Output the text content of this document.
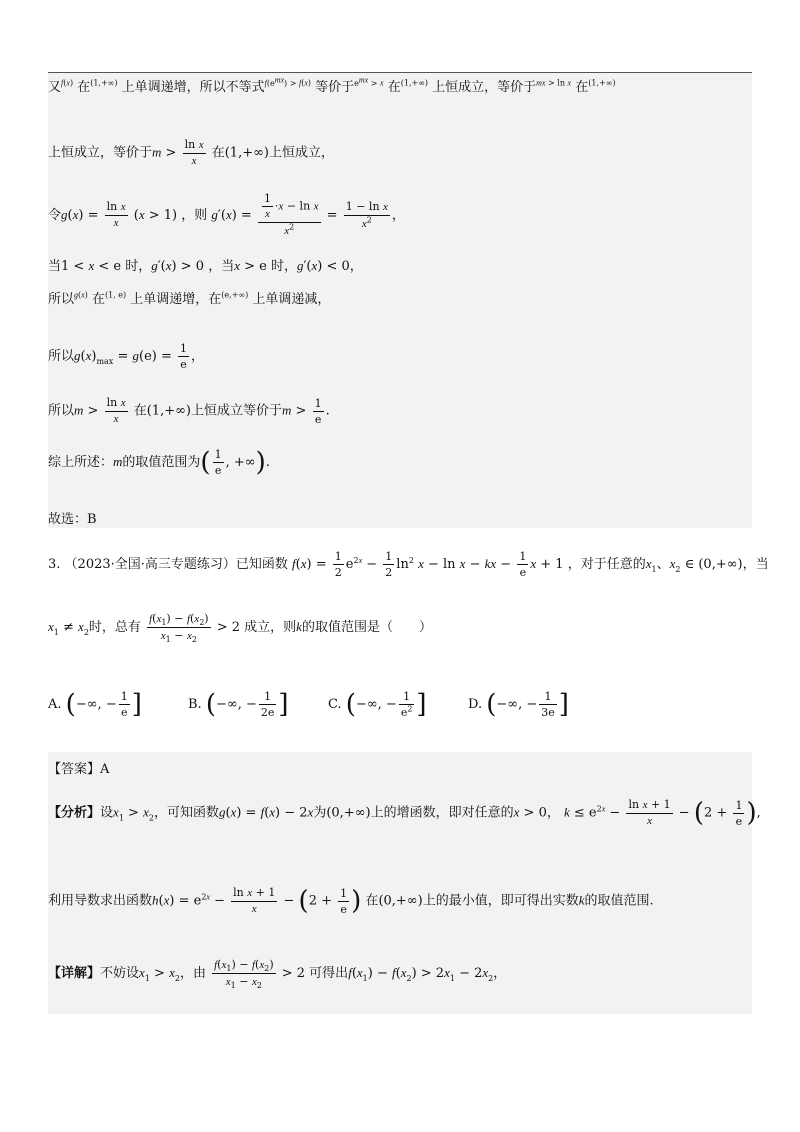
又$^{f(x)}$ 在$^{(1,+\infty)}$ 上单调递增，所以不等式$^{f(e^{mx}) >}$ $^{f(x)}$ 等价于$^{e^{mx} >}$ $^x$ 在$^{(1,+\infty)}$ 上恒成立，等价于$^{mx}$ $^{> ln}$ $^x$ 在$^{(1,+\infty)}$
上恒成立，等价于$m > \frac{\text{ln x}}{x}$ 在(1,+∞)上恒成立，
令$g(x) = \frac{\text{ln x}}{x} (x > 1)$ ，则 $g'(x) = \frac{\frac{1}{x} \cdot x - \ln x}{x^2} = \frac{\text{1 − ln x}}{x^2}$ ，
当1 < x < e 时，g′(x) > 0 ，当x > e 时，g′(x) < 0，
所以$^{g(x)}$ 在$^{(1, e)}$ 上单调递增，在$^{(e,+\infty)}$ 上单调递减，
所以$g(x)_{max} = g(e) = \frac{1}{e}$ ，
所以$m > \frac{\text{ln x}}{x}$ 在(1,+∞)上恒成立等价于$m > \frac{1}{e}$ .
综上所述：m的取值范围为( $\frac{1}{e}$ , +∞).
故选：B
3. （2023·全国·高三专题练习）已知函数 $f(x) = \frac{1}{2} e^{2x} - \frac{1}{2} \ln^2 x - \ln x$ − kx − $\frac{1}{e}$ x + 1 ，对于任意的$x_1$、$x_2$ ∈ (0,+∞)，当
$x_1 \ne x_2$时，总有 $\frac{f(x_1) - f(x_2)}{x_1 - x_2} > 2$ 成立，则k的取值范围是（　　）
A. (−∞, − $\frac{1}{e}$ ]	B. (−∞, − $\frac{1}{2e}$ ]	C. (−∞, − $\frac{1}{e^2}$ ]	D. (−∞, − $\frac{1}{3e}$ ]
【答案】A
【分析】设$x_1 > x_2$，可知函数g(x) = f(x) − 2x为(0,+∞)上的增函数，即对任意的x > 0， $k \le e^{2x} - \frac{\text{ln x + 1}}{x} - (2 + \frac{1}{e}$ ),
利用导数求出函数$h(x) = e^{2x} - \frac{\text{ln x + 1}}{x} - (2 + \frac{1}{e}$ ) 在(0,+∞)上的最小值，即可得出实数k的取值范围.
【详解】不妨设$x_1 > x_2$，由 $\frac{f(x_1) - f(x_2)}{x_1 - x_2} > 2$ 可得出$f(x_1) - f(x_2) > 2x_1 - 2x_2$，
